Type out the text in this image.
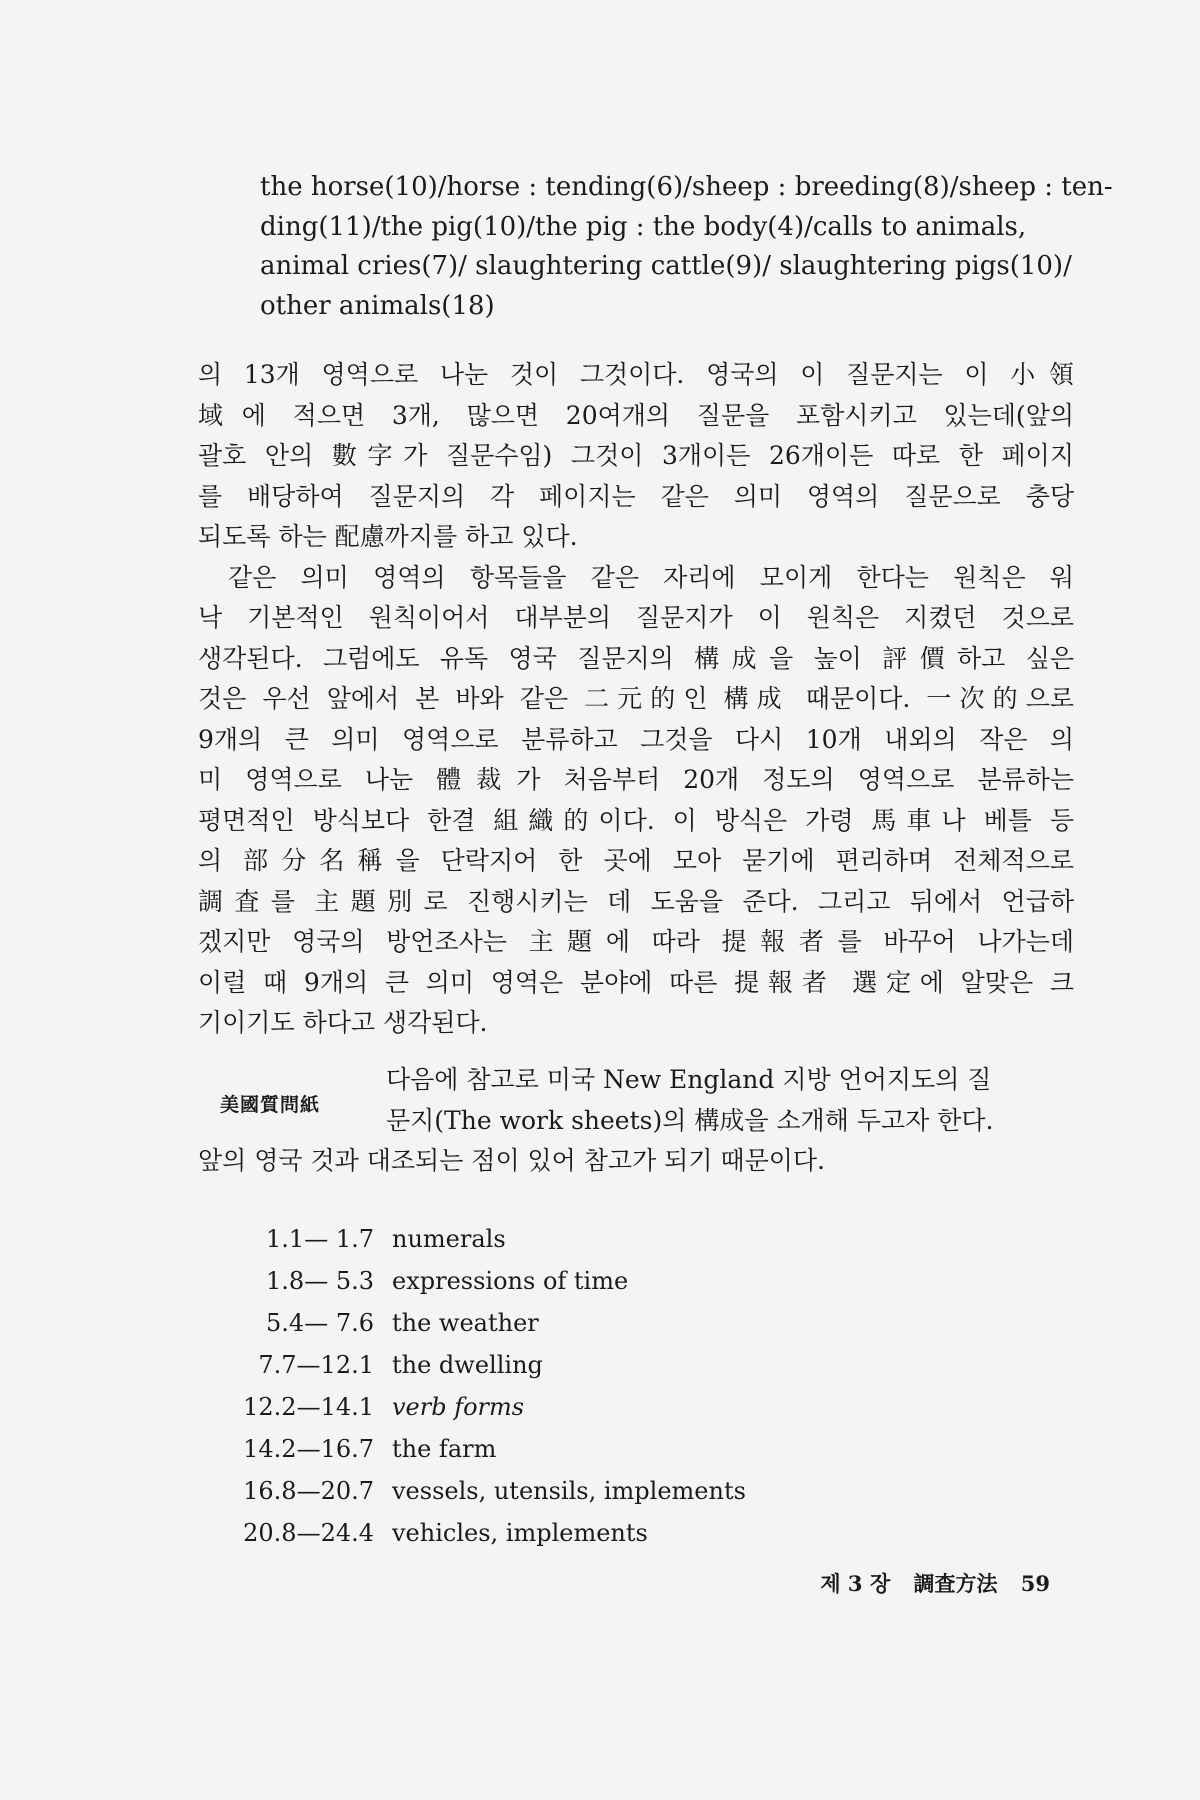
the horse(10)/horse : tending(6)/sheep : breeding(8)/sheep : ten-
ding(11)/the pig(10)/the pig : the body(4)/calls to animals,
animal cries(7)/ slaughtering cattle(9)/ slaughtering pigs(10)/
other animals(18)
의 13개 영역으로 나눈 것이 그것이다. 영국의 이 질문지는 이 小領
域에 적으면 3개, 많으면 20여개의 질문을 포함시키고 있는데(앞의
괄호 안의 數字가 질문수임) 그것이 3개이든 26개이든 따로 한 페이지
를 배당하여 질문지의 각 페이지는 같은 의미 영역의 질문으로 충당
되도록 하는 配慮까지를 하고 있다.
같은 의미 영역의 항목들을 같은 자리에 모이게 한다는 원칙은 워
낙 기본적인 원칙이어서 대부분의 질문지가 이 원칙은 지켰던 것으로
생각된다. 그럼에도 유독 영국 질문지의 構成을 높이 評價하고 싶은
것은 우선 앞에서 본 바와 같은 二元的인 構成 때문이다. 一次的으로
9개의 큰 의미 영역으로 분류하고 그것을 다시 10개 내외의 작은 의
미 영역으로 나눈 體裁가 처음부터 20개 정도의 영역으로 분류하는
평면적인 방식보다 한결 組織的이다. 이 방식은 가령 馬車나 베틀 등
의 部分名稱을 단락지어 한 곳에 모아 묻기에 편리하며 전체적으로
調査를 主題別로 진행시키는 데 도움을 준다. 그리고 뒤에서 언급하
겠지만 영국의 방언조사는 主題에 따라 提報者를 바꾸어 나가는데
이럴 때 9개의 큰 의미 영역은 분야에 따른 提報者 選定에 알맞은 크
기이기도 하다고 생각된다.
美國質問紙
다음에 참고로 미국 New England 지방 언어지도의 질
문지(The work sheets)의 構成을 소개해 두고자 한다.
앞의 영국 것과 대조되는 점이 있어 참고가 되기 때문이다.
1.1— 1.7 numerals
1.8— 5.3 expressions of time
5.4— 7.6 the weather
7.7—12.1 the dwelling
12.2—14.1 verb forms
14.2—16.7 the farm
16.8—20.7 vessels, utensils, implements
20.8—24.4 vehicles, implements
제 3 장 調査方法 59
